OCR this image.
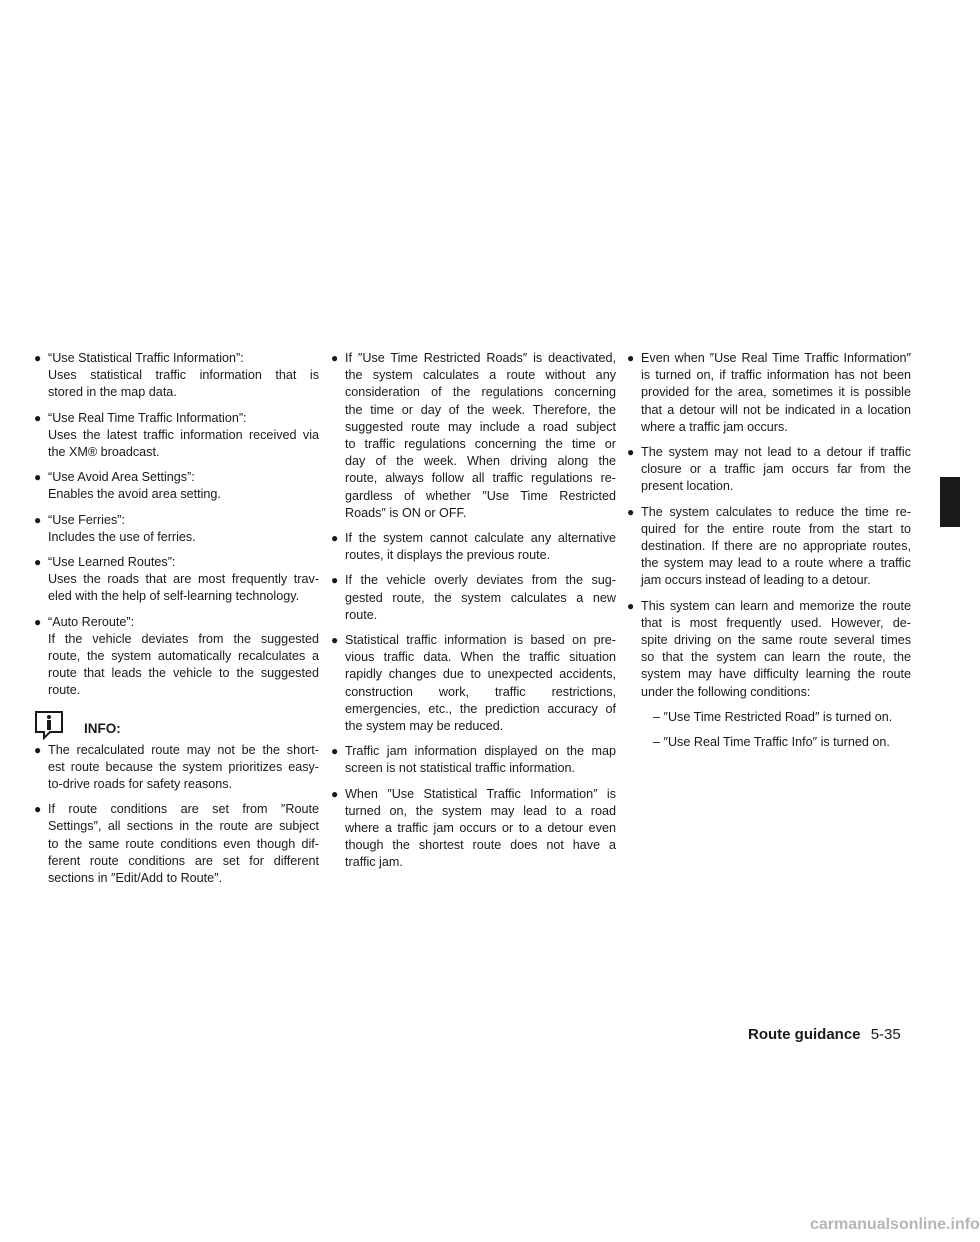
● “Use Statistical Traffic Information”:
Uses statistical traffic information that is
stored in the map data.
● “Use Real Time Traffic Information”:
Uses the latest traffic information received via
the XM® broadcast.
● “Use Avoid Area Settings”:
Enables the avoid area setting.
● “Use Ferries”:
Includes the use of ferries.
● “Use Learned Routes”:
Uses the roads that are most frequently trav-
eled with the help of self-learning technology.
● “Auto Reroute”:
If the vehicle deviates from the suggested
route, the system automatically recalculates a
route that leads the vehicle to the suggested
route.
INFO:
● The recalculated route may not be the short-
est route because the system prioritizes easy-
to-drive roads for safety reasons.
● If route conditions are set from ″Route
Settings″, all sections in the route are subject
to the same route conditions even though dif-
ferent route conditions are set for different
sections in ″Edit/Add to Route″.
● If ″Use Time Restricted Roads″ is deactivated,
the system calculates a route without any
consideration of the regulations concerning
the time or day of the week. Therefore, the
suggested route may include a road subject
to traffic regulations concerning the time or
day of the week. When driving along the
route, always follow all traffic regulations re-
gardless of whether ″Use Time Restricted
Roads″ is ON or OFF.
● If the system cannot calculate any alternative
routes, it displays the previous route.
● If the vehicle overly deviates from the sug-
gested route, the system calculates a new
route.
● Statistical traffic information is based on pre-
vious traffic data. When the traffic situation
rapidly changes due to unexpected accidents,
construction work, traffic restrictions,
emergencies, etc., the prediction accuracy of
the system may be reduced.
● Traffic jam information displayed on the map
screen is not statistical traffic information.
● When ″Use Statistical Traffic Information″ is
turned on, the system may lead to a road
where a traffic jam occurs or to a detour even
though the shortest route does not have a
traffic jam.
● Even when ″Use Real Time Traffic Information″
is turned on, if traffic information has not been
provided for the area, sometimes it is possible
that a detour will not be indicated in a location
where a traffic jam occurs.
● The system may not lead to a detour if traffic
closure or a traffic jam occurs far from the
present location.
● The system calculates to reduce the time re-
quired for the entire route from the start to
destination. If there are no appropriate routes,
the system may lead to a route where a traffic
jam occurs instead of leading to a detour.
● This system can learn and memorize the route
that is most frequently used. However, de-
spite driving on the same route several times
so that the system can learn the route, the
system may have difficulty learning the route
under the following conditions:
– ″Use Time Restricted Road″ is turned on.
– ″Use Real Time Traffic Info″ is turned on.
Route guidance 5-35
carmanualsonline.info
